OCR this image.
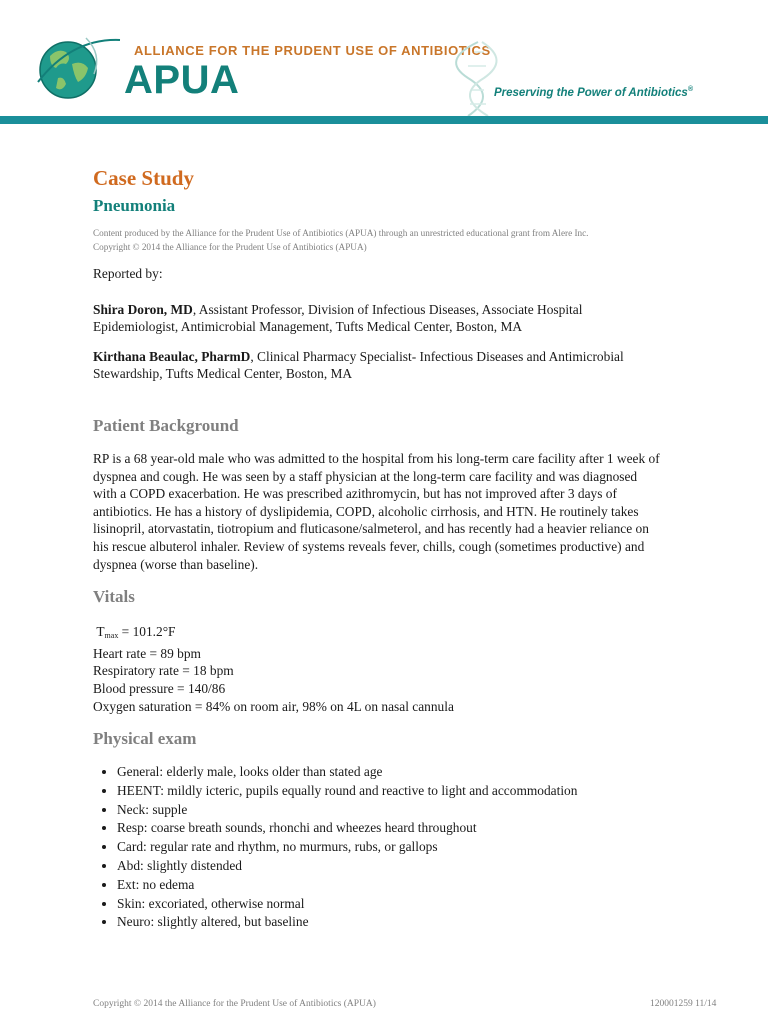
ALLIANCE FOR THE PRUDENT USE OF ANTIBIOTICS
APUA	Preserving the Power of Antibiotics®
Case Study
Pneumonia
Content produced by the Alliance for the Prudent Use of Antibiotics (APUA) through an unrestricted educational grant from Alere Inc.
Copyright © 2014 the Alliance for the Prudent Use of Antibiotics (APUA)

Reported by:

Shira Doron, MD, Assistant Professor, Division of Infectious Diseases, Associate Hospital Epidemiologist, Antimicrobial Management, Tufts Medical Center, Boston, MA

Kirthana Beaulac, PharmD, Clinical Pharmacy Specialist- Infectious Diseases and Antimicrobial Stewardship, Tufts Medical Center, Boston, MA

Patient Background

RP is a 68 year-old male who was admitted to the hospital from his long-term care facility after 1 week of dyspnea and cough. He was seen by a staff physician at the long-term care facility and was diagnosed with a COPD exacerbation. He was prescribed azithromycin, but has not improved after 3 days of antibiotics. He has a history of dyslipidemia, COPD, alcoholic cirrhosis, and HTN. He routinely takes lisinopril, atorvastatin, tiotropium and fluticasone/salmeterol, and has recently had a heavier reliance on his rescue albuterol inhaler. Review of systems reveals fever, chills, cough (sometimes productive) and dyspnea (worse than baseline).

Vitals
Tmax = 101.2°F
Heart rate = 89 bpm
Respiratory rate = 18 bpm
Blood pressure = 140/86
Oxygen saturation = 84% on room air, 98% on 4L on nasal cannula
Physical exam
• General: elderly male, looks older than stated age
• HEENT: mildly icteric, pupils equally round and reactive to light and accommodation
• Neck: supple
• Resp: coarse breath sounds, rhonchi and wheezes heard throughout
• Card: regular rate and rhythm, no murmurs, rubs, or gallops
• Abd: slightly distended
• Ext: no edema
• Skin: excoriated, otherwise normal
• Neuro: slightly altered, but baseline
Copyright © 2014 the Alliance for the Prudent Use of Antibiotics (APUA)	120001259 11/14
